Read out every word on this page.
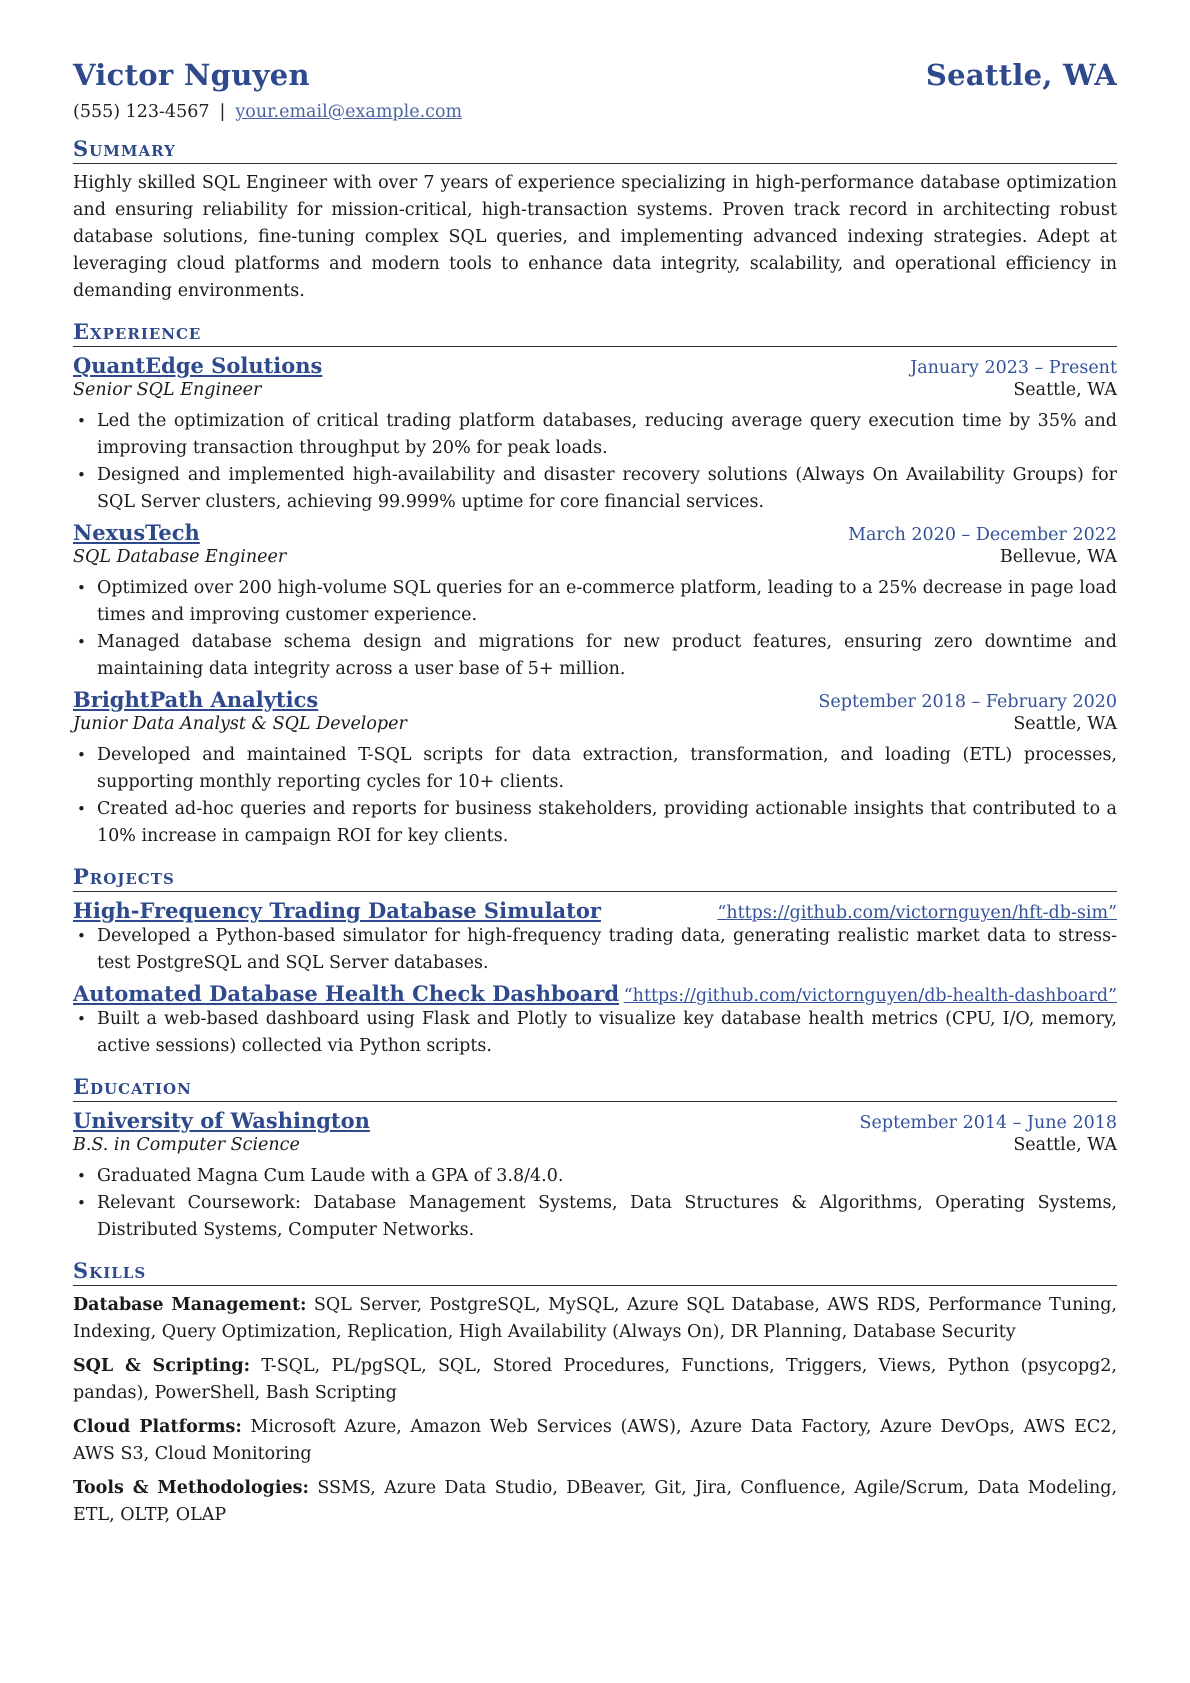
Victor Nguyen	Seattle, WA
(555) 123-4567 | your.email@example.com
Summary
Highly skilled SQL Engineer with over 7 years of experience specializing in high-performance database optimization and ensuring reliability for mission-critical, high-transaction systems. Proven track record in architecting robust database solutions, fine-tuning complex SQL queries, and implementing advanced indexing strategies. Adept at leveraging cloud platforms and modern tools to enhance data integrity, scalability, and operational efficiency in demanding environments.
Experience
QuantEdge Solutions	January 2023 – Present
Senior SQL Engineer	Seattle, WA
• Led the optimization of critical trading platform databases, reducing average query execution time by 35% and improving transaction throughput by 20% for peak loads.
• Designed and implemented high-availability and disaster recovery solutions (Always On Availability Groups) for SQL Server clusters, achieving 99.999% uptime for core financial services.
NexusTech	March 2020 – December 2022
SQL Database Engineer	Bellevue, WA
• Optimized over 200 high-volume SQL queries for an e-commerce platform, leading to a 25% decrease in page load times and improving customer experience.
• Managed database schema design and migrations for new product features, ensuring zero downtime and maintaining data integrity across a user base of 5+ million.
BrightPath Analytics	September 2018 – February 2020
Junior Data Analyst & SQL Developer	Seattle, WA
• Developed and maintained T-SQL scripts for data extraction, transformation, and loading (ETL) processes, supporting monthly reporting cycles for 10+ clients.
• Created ad-hoc queries and reports for business stakeholders, providing actionable insights that contributed to a 10% increase in campaign ROI for key clients.
Projects
High-Frequency Trading Database Simulator	“https://github.com/victornguyen/hft-db-sim”
• Developed a Python-based simulator for high-frequency trading data, generating realistic market data to stress-test PostgreSQL and SQL Server databases.
Automated Database Health Check Dashboard “https://github.com/victornguyen/db-health-dashboard”
• Built a web-based dashboard using Flask and Plotly to visualize key database health metrics (CPU, I/O, memory, active sessions) collected via Python scripts.
Education
University of Washington	September 2014 – June 2018
B.S. in Computer Science	Seattle, WA
• Graduated Magna Cum Laude with a GPA of 3.8/4.0.
• Relevant Coursework: Database Management Systems, Data Structures & Algorithms, Operating Systems, Distributed Systems, Computer Networks.
Skills
Database Management: SQL Server, PostgreSQL, MySQL, Azure SQL Database, AWS RDS, Performance Tuning, Indexing, Query Optimization, Replication, High Availability (Always On), DR Planning, Database Security
SQL & Scripting: T-SQL, PL/pgSQL, SQL, Stored Procedures, Functions, Triggers, Views, Python (psycopg2, pandas), PowerShell, Bash Scripting
Cloud Platforms: Microsoft Azure, Amazon Web Services (AWS), Azure Data Factory, Azure DevOps, AWS EC2, AWS S3, Cloud Monitoring
Tools & Methodologies: SSMS, Azure Data Studio, DBeaver, Git, Jira, Confluence, Agile/Scrum, Data Modeling, ETL, OLTP, OLAP
